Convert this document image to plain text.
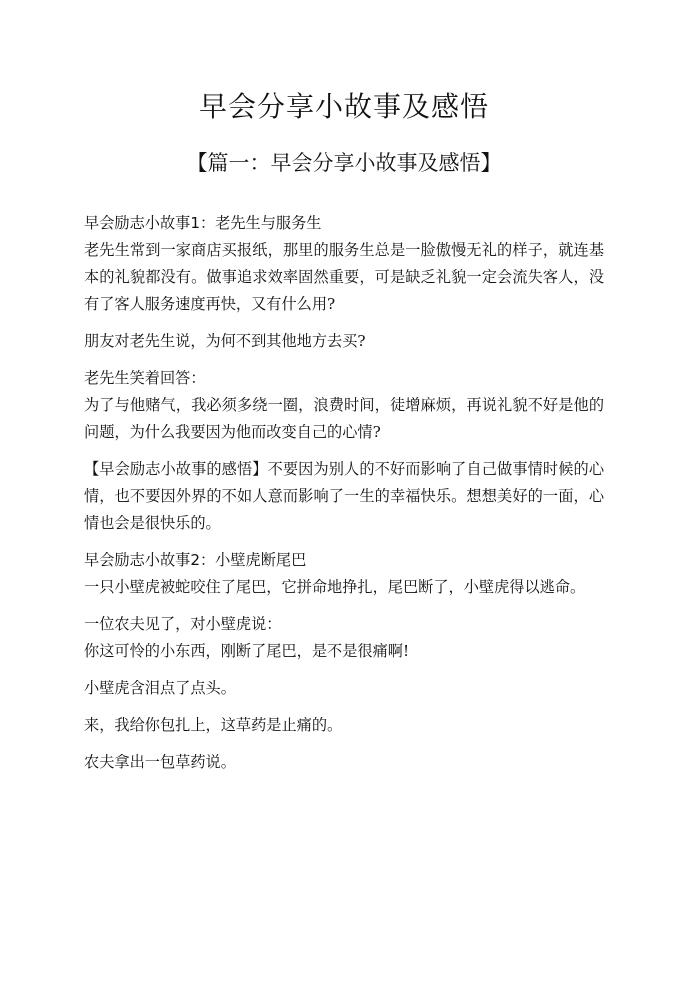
早会分享小故事及感悟
【篇一：早会分享小故事及感悟】

早会励志小故事1：老先生与服务生

老先生常到一家商店买报纸，那里的服务生总是一脸傲慢无礼的样子，就连基本的礼貌都没有。做事追求效率固然重要，可是缺乏礼貌一定会流失客人，没有了客人服务速度再快，又有什么用?

朋友对老先生说，为何不到其他地方去买?

老先生笑着回答：

为了与他赌气，我必须多绕一圈，浪费时间，徒增麻烦，再说礼貌不好是他的问题，为什么我要因为他而改变自己的心情?

【早会励志小故事的感悟】不要因为别人的不好而影响了自己做事情时候的心情，也不要因外界的不如人意而影响了一生的幸福快乐。想想美好的一面，心情也会是很快乐的。

早会励志小故事2：小壁虎断尾巴

一只小壁虎被蛇咬住了尾巴，它拼命地挣扎，尾巴断了，小壁虎得以逃命。

一位农夫见了，对小壁虎说：

你这可怜的小东西，刚断了尾巴，是不是很痛啊!

小壁虎含泪点了点头。

来，我给你包扎上，这草药是止痛的。

农夫拿出一包草药说。
